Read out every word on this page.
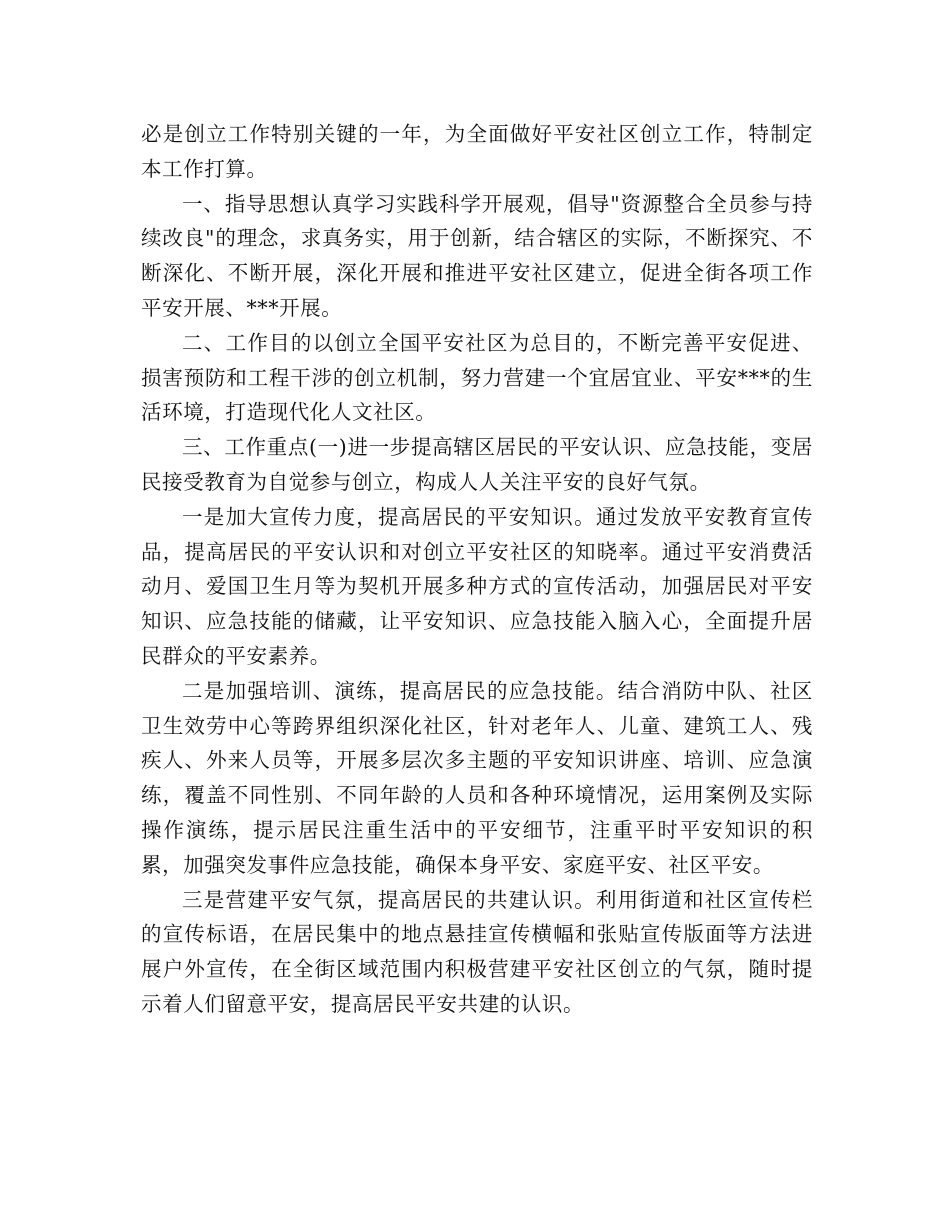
必是创立工作特别关键的一年，为全面做好平安社区创立工作，特制定本工作打算。

一、指导思想认真学习实践科学开展观，倡导"资源整合全员参与持续改良"的理念，求真务实，用于创新，结合辖区的实际，不断探究、不断深化、不断开展，深化开展和推进平安社区建立，促进全街各项工作平安开展、***开展。

二、工作目的以创立全国平安社区为总目的，不断完善平安促进、损害预防和工程干涉的创立机制，努力营建一个宜居宜业、平安***的生活环境，打造现代化人文社区。

三、工作重点(一)进一步提高辖区居民的平安认识、应急技能，变居民接受教育为自觉参与创立，构成人人关注平安的良好气氛。

一是加大宣传力度，提高居民的平安知识。通过发放平安教育宣传品，提高居民的平安认识和对创立平安社区的知晓率。通过平安消费活动月、爱国卫生月等为契机开展多种方式的宣传活动，加强居民对平安知识、应急技能的储藏，让平安知识、应急技能入脑入心，全面提升居民群众的平安素养。

二是加强培训、演练，提高居民的应急技能。结合消防中队、社区卫生效劳中心等跨界组织深化社区，针对老年人、儿童、建筑工人、残疾人、外来人员等，开展多层次多主题的平安知识讲座、培训、应急演练，覆盖不同性别、不同年龄的人员和各种环境情况，运用案例及实际操作演练，提示居民注重生活中的平安细节，注重平时平安知识的积累，加强突发事件应急技能，确保本身平安、家庭平安、社区平安。

三是营建平安气氛，提高居民的共建认识。利用街道和社区宣传栏的宣传标语，在居民集中的地点悬挂宣传横幅和张贴宣传版面等方法进展户外宣传，在全街区域范围内积极营建平安社区创立的气氛，随时提示着人们留意平安，提高居民平安共建的认识。
